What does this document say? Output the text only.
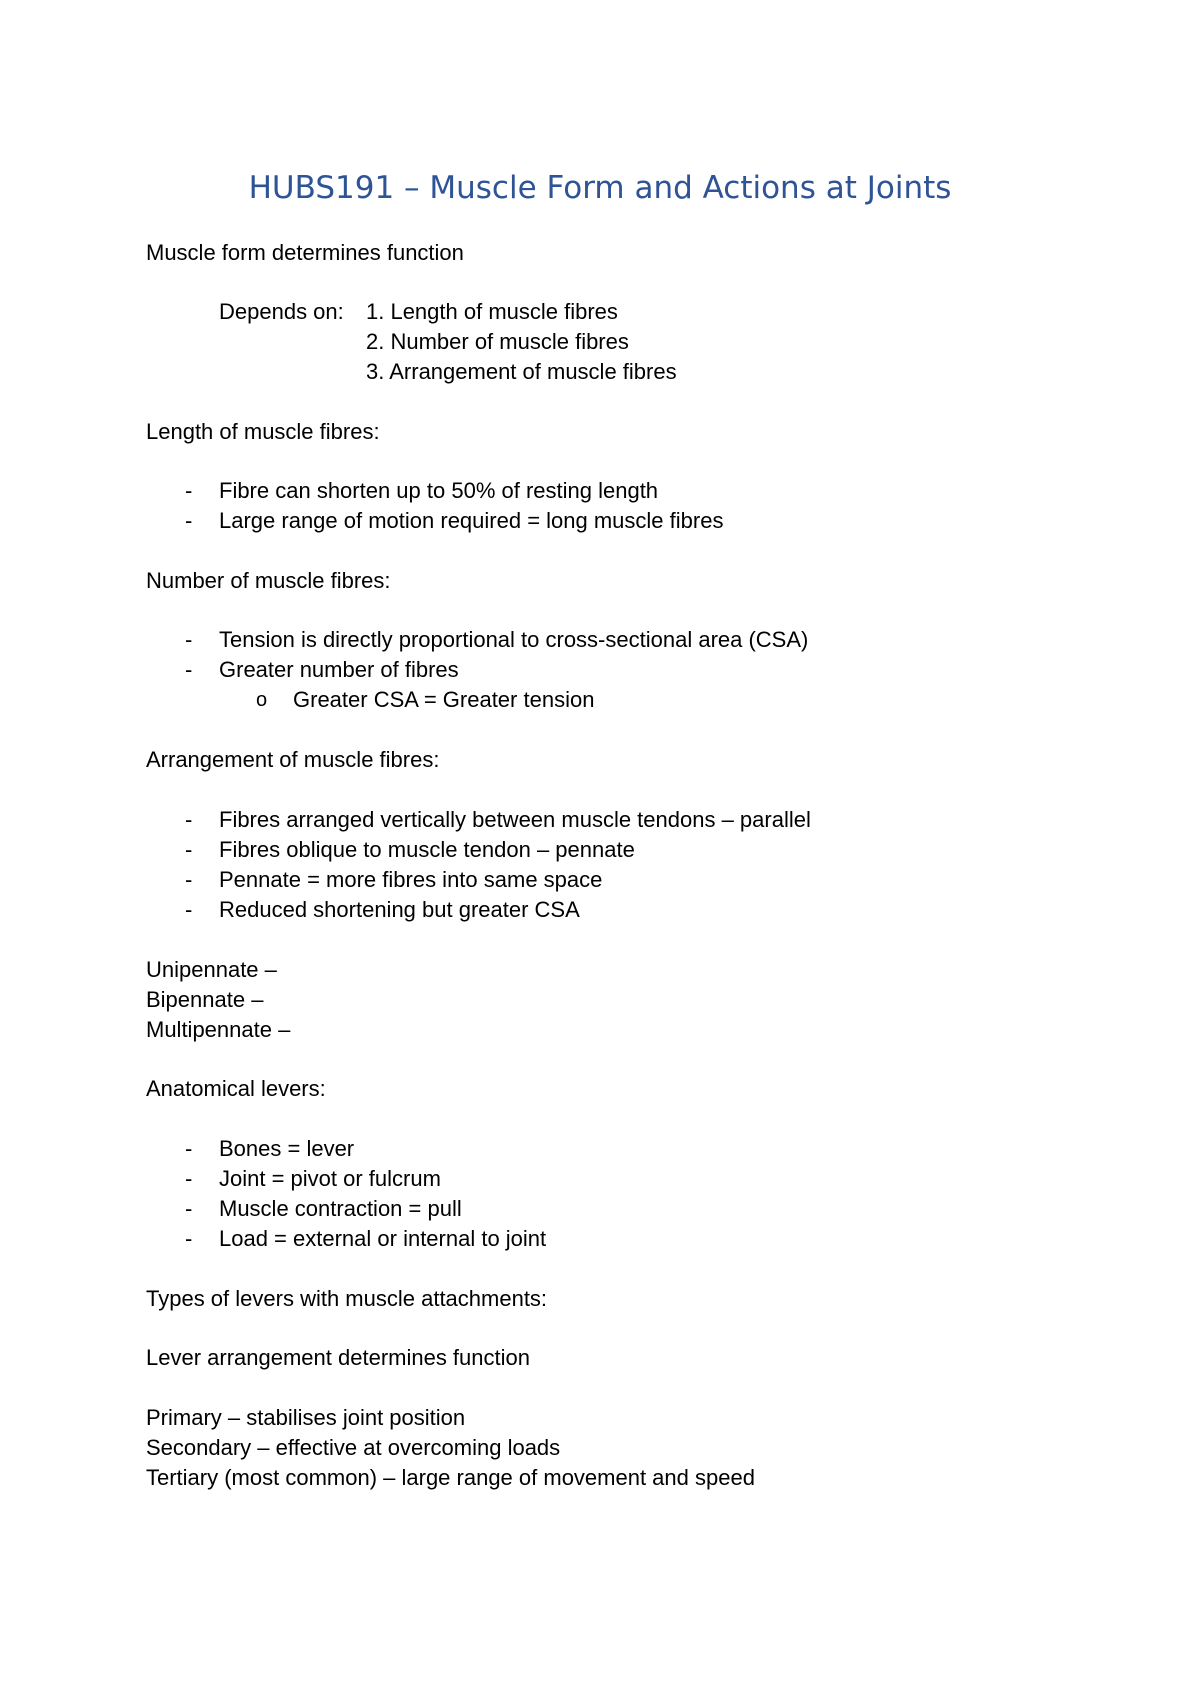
HUBS191 – Muscle Form and Actions at Joints
Muscle form determines function
Depends on: 1. Length of muscle fibres
2. Number of muscle fibres
3. Arrangement of muscle fibres
Length of muscle fibres:
- Fibre can shorten up to 50% of resting length
- Large range of motion required = long muscle fibres
Number of muscle fibres:
- Tension is directly proportional to cross-sectional area (CSA)
- Greater number of fibres
o Greater CSA = Greater tension
Arrangement of muscle fibres:
- Fibres arranged vertically between muscle tendons – parallel
- Fibres oblique to muscle tendon – pennate
- Pennate = more fibres into same space
- Reduced shortening but greater CSA
Unipennate –
Bipennate –
Multipennate –
Anatomical levers:
- Bones = lever
- Joint = pivot or fulcrum
- Muscle contraction = pull
- Load = external or internal to joint
Types of levers with muscle attachments:
Lever arrangement determines function
Primary – stabilises joint position
Secondary – effective at overcoming loads
Tertiary (most common) – large range of movement and speed
